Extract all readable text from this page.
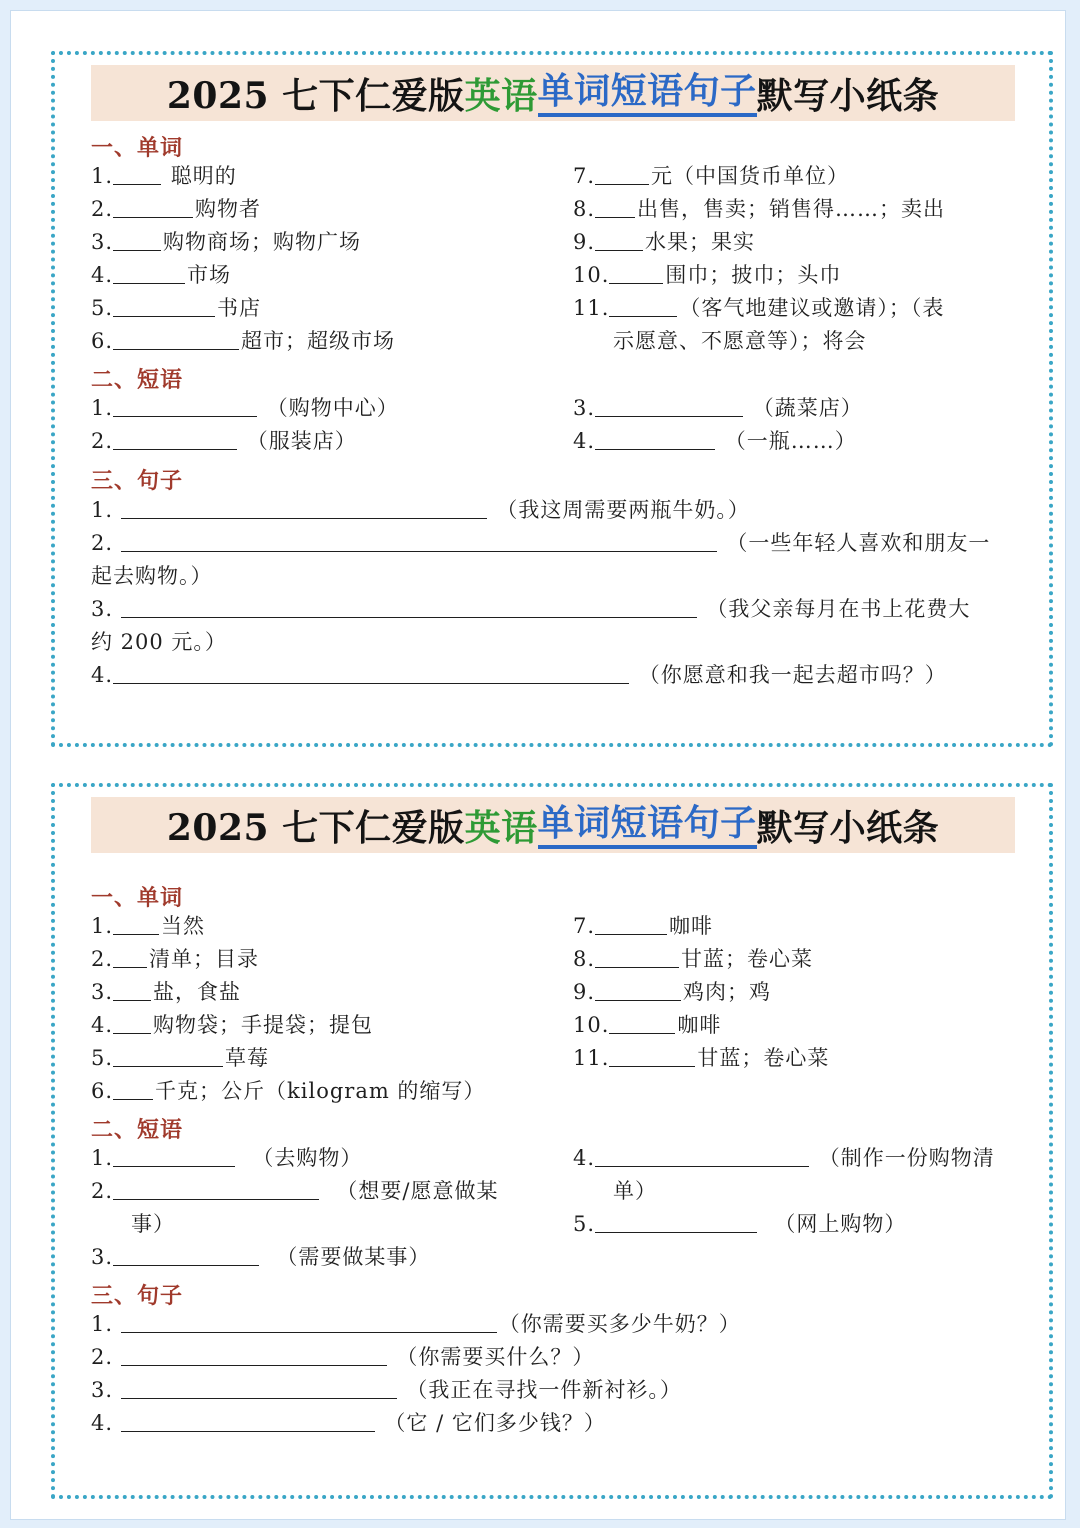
2025 七下仁爱版 英语 单词短语句子 默写小纸条
一、单词
1.	聪明的
2.	购物者
3. 购物商场；购物广场
4.	市场
5.	书店
6.	超市；超级市场
7.	元（中国货币单位）
8. 出售，售卖；销售得……；卖出
9. 水果；果实
10.	围巾；披巾；头巾
11.	（客气地建议或邀请）；（表
示愿意、不愿意等）；将会
二、短语
1.	（购物中心）
2.	（服装店）
3.	（蔬菜店）
4.	（一瓶……）
三、句子
1.	（我这周需要两瓶牛奶。）
2.	（一些年轻人喜欢和朋友一
起去购物。）
3.	（我父亲每月在书上花费大
约 200 元。）
4.	（你愿意和我一起去超市吗？）
2025 七下仁爱版 英语 单词短语句子 默写小纸条
一、单词
1. 当然
2. 清单；目录
3. 盐，食盐
4. 购物袋；手提袋；提包
5.	草莓
6. 千克；公斤（kilogram 的缩写）
7.	咖啡
8.	甘蓝；卷心菜
9.	鸡肉；鸡
10.	咖啡
11.	甘蓝；卷心菜
二、短语
1.	（去购物）
2.	（想要/愿意做某
事）
3.	（需要做某事）
4.	（制作一份购物清
单）
5.	（网上购物）
三、句子
1.	（你需要买多少牛奶？）
2.	（你需要买什么？）
3.	（我正在寻找一件新衬衫。）
4.	（它 / 它们多少钱？）
